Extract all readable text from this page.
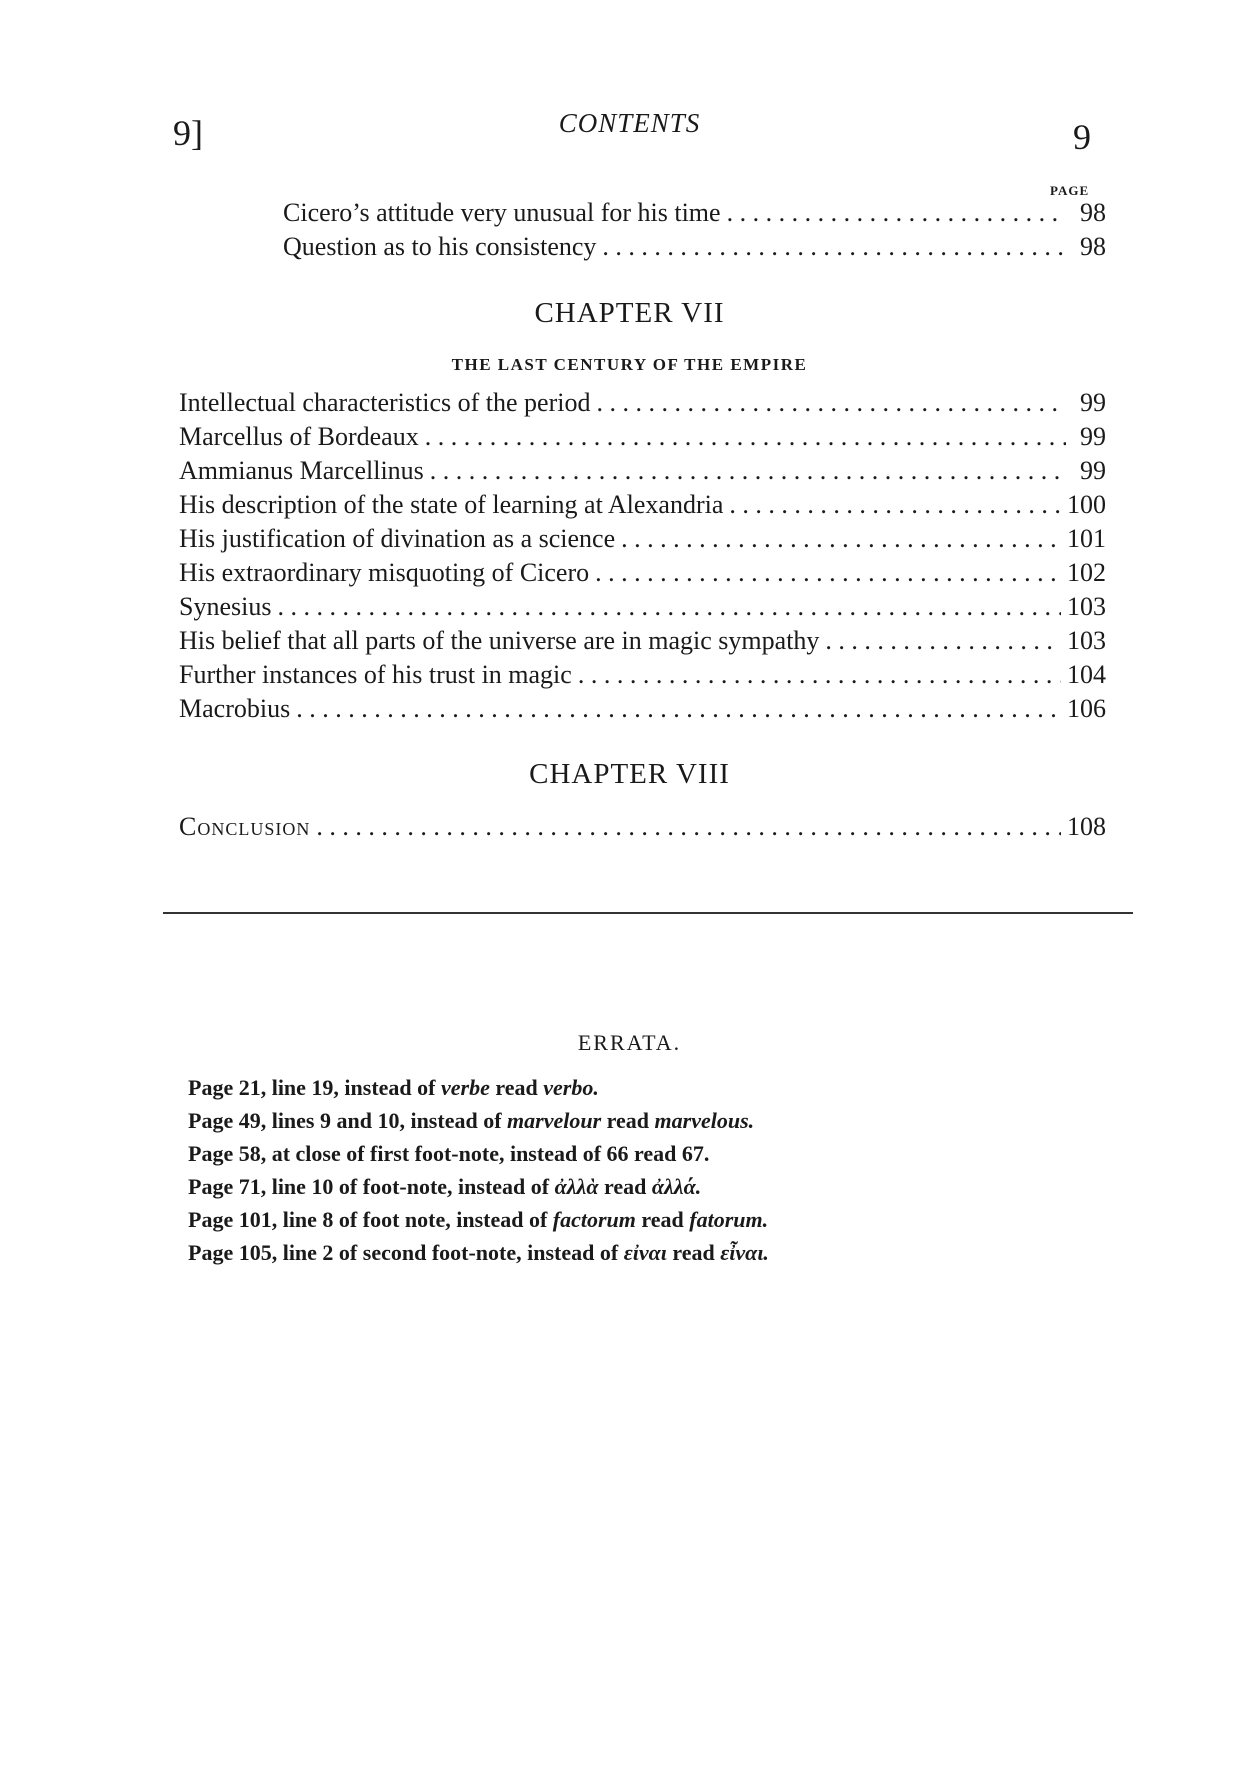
9]	CONTENTS	9
PAGE
Cicero’s attitude very unusual for his time . . .	98
Question as to his consistency . . .	98
CHAPTER VII
THE LAST CENTURY OF THE EMPIRE
Intellectual characteristics of the period . . .	99
Marcellus of Bordeaux . . .	99
Ammianus Marcellinus . . .	99
His description of the state of learning at Alexandria . . .	100
His justification of divination as a science . . .	101
His extraordinary misquoting of Cicero . . .	102
Synesius . . .	103
His belief that all parts of the universe are in magic sympathy . . .	103
Further instances of his trust in magic . . .	104
Macrobius . . .	106
CHAPTER VIII
Conclusion . . .	108
ERRATA.
Page 21, line 19, instead of verbe read verbo.
Page 49, lines 9 and 10, instead of marvelour read marvelous.
Page 58, at close of first foot-note, instead of 66 read 67.
Page 71, line 10 of foot-note, instead of ἀλλὰ read ἀλλά.
Page 101, line 8 of foot note, instead of factorum read fatorum.
Page 105, line 2 of second foot-note, instead of εἰναι read εἶναι.
